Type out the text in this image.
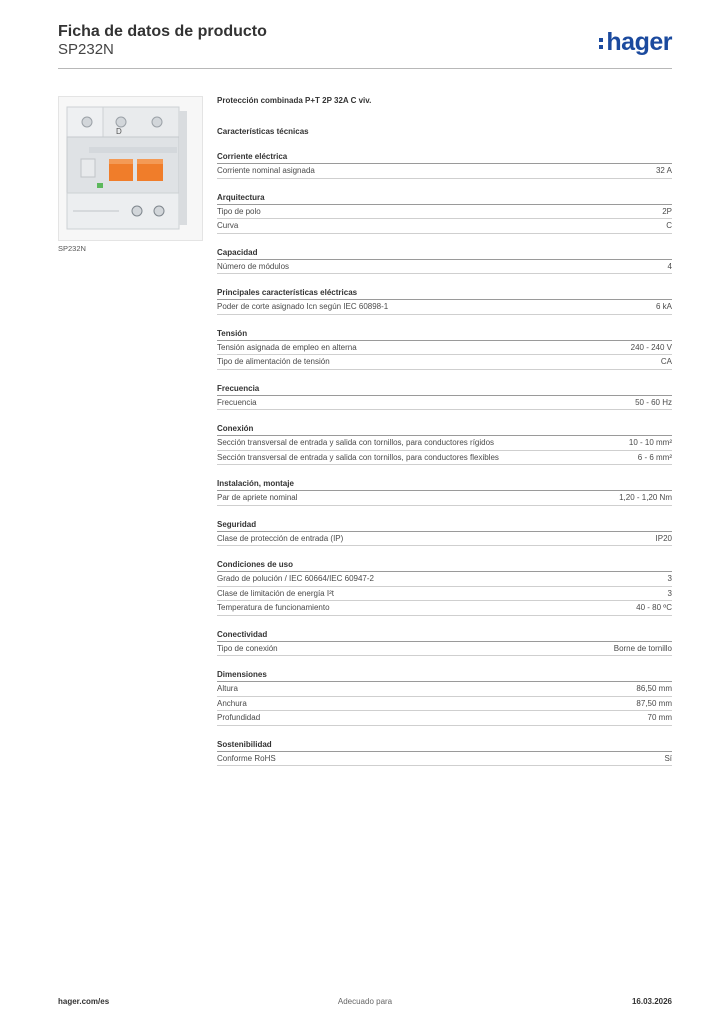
Ficha de datos de producto
SP232N	hager
D
SP232N
Protección combinada P+T 2P 32A C viv.
Características técnicas
Corriente eléctrica
Corriente nominal asignada	32 A
Arquitectura
Tipo de polo	2P
Curva	C
Capacidad
Número de módulos	4
Principales características eléctricas
Poder de corte asignado Icn según IEC 60898-1	6 kA
Tensión
Tensión asignada de empleo en alterna	240 - 240 V
Tipo de alimentación de tensión	CA
Frecuencia
Frecuencia	50 - 60 Hz
Conexión
Sección transversal de entrada y salida con tornillos, para conductores rígidos	10 - 10 mm²
Sección transversal de entrada y salida con tornillos, para conductores flexibles	6 - 6 mm²
Instalación, montaje
Par de apriete nominal	1,20 - 1,20 Nm
Seguridad
Clase de protección de entrada (IP)	IP20
Condiciones de uso
Grado de polución / IEC 60664/IEC 60947-2	3
Clase de limitación de energía I²t	3
Temperatura de funcionamiento	40 - 80 ºC
Conectividad
Tipo de conexión	Borne de tornillo
Dimensiones
Altura	86,50 mm
Anchura	87,50 mm
Profundidad	70 mm
Sostenibilidad
Conforme RoHS	Sí
hager.com/es	Adecuado para	16.03.2026
